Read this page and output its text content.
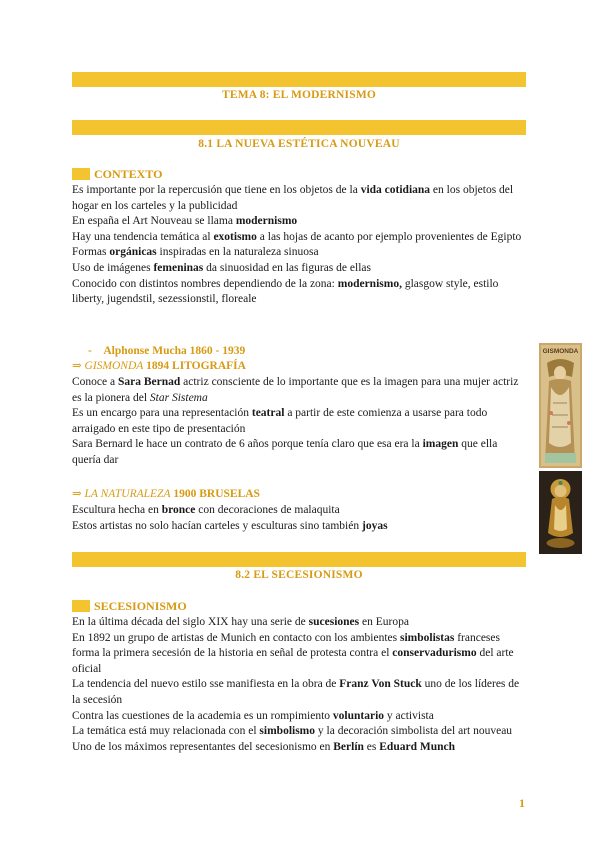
TEMA 8: EL MODERNISMO
8.1 LA NUEVA ESTÉTICA NOUVEAU
CONTEXTO

Es importante por la repercusión que tiene en los objetos de la vida cotidiana en los objetos del hogar en los carteles y la publicidad

En españa el Art Nouveau se llama modernismo

Hay una tendencia temática al exotismo a las hojas de acanto por ejemplo provenientes de Egipto

Formas orgánicas inspiradas en la naturaleza sinuosa

Uso de imágenes femeninas da sinuosidad en las figuras de ellas

Conocido con distintos nombres dependiendo de la zona: modernismo, glasgow style, estilo liberty, jugendstil, sezessionstil, floreale

- Alphonse Mucha 1860 - 1939
⇒ GISMONDA 1894 LITOGRAFÍA

Conoce a Sara Bernad actriz consciente de lo importante que es la imagen para una mujer actriz es la pionera del Star Sistema

Es un encargo para una representación teatral a partir de este comienza a usarse para todo arraigado en este tipo de presentación

Sara Bernard le hace un contrato de 6 años porque tenía claro que esa era la imagen que ella quería dar

⇒ LA NATURALEZA 1900 BRUSELAS

Escultura hecha en bronce con decoraciones de malaquita

Estos artistas no solo hacían carteles y esculturas sino también joyas

8.2 EL SECESIONISMO
SECESIONISMO

En la última década del siglo XIX hay una serie de sucesiones en Europa

En 1892 un grupo de artistas de Munich en contacto con los ambientes simbolistas franceses forma la primera secesión de la historia en señal de protesta contra el conservadurismo del arte oficial

La tendencia del nuevo estilo sse manifiesta en la obra de Franz Von Stuck uno de los líderes de la secesión

Contra las cuestiones de la academia es un rompimiento voluntario y activista

La temática está muy relacionada con el simbolismo y la decoración simbolista del art nouveau

Uno de los máximos representantes del secesionismo en Berlín es Eduard Munch

GISMONDA
1
